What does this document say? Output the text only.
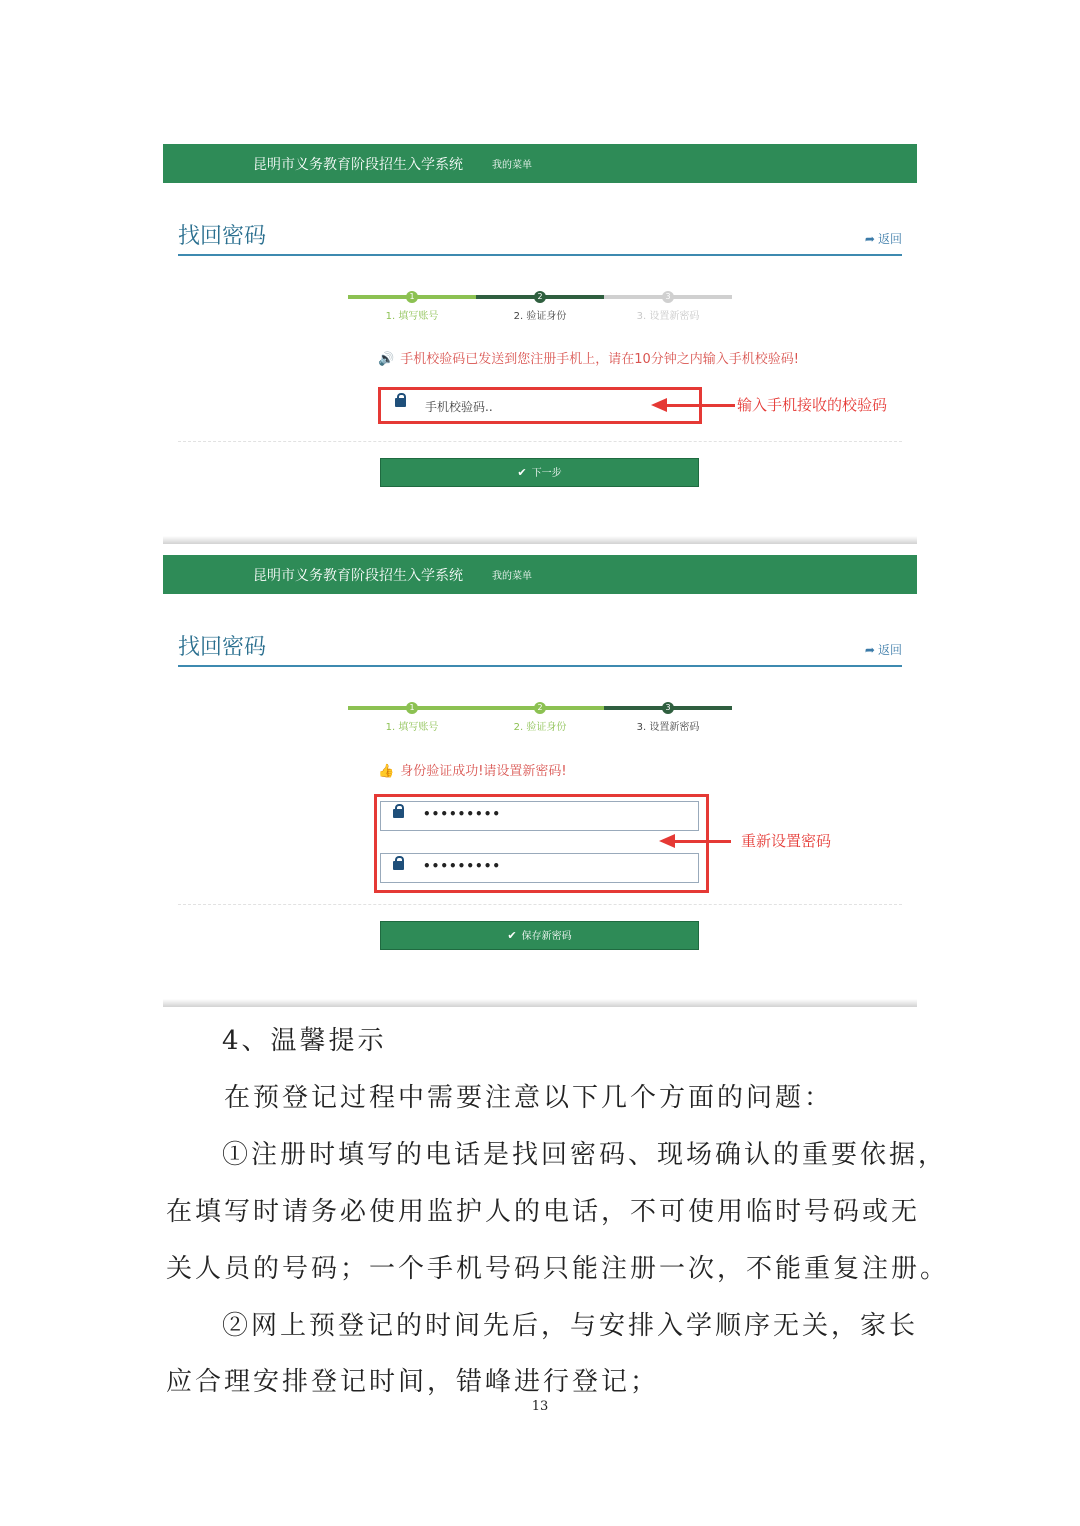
昆明市义务教育阶段招生入学系统	我的菜单
找回密码	➦ 返回
1	2	3
1. 填写账号	2. 验证身份	3. 设置新密码
🔊 手机校验码已发送到您注册手机上，请在10分钟之内输入手机校验码!
手机校验码..	输入手机接收的校验码
✔ 下一步
昆明市义务教育阶段招生入学系统	我的菜单
找回密码	➦ 返回
1	2	3
1. 填写账号	2. 验证身份	3. 设置新密码
👍 身份验证成功!请设置新密码!
•••••••••
•••••••••
重新设置密码
✔ 保存新密码
4、温馨提示
在预登记过程中需要注意以下几个方面的问题：
①注册时填写的电话是找回密码、现场确认的重要依据，
在填写时请务必使用监护人的电话，不可使用临时号码或无
关人员的号码；一个手机号码只能注册一次，不能重复注册。
②网上预登记的时间先后，与安排入学顺序无关，家长
应合理安排登记时间，错峰进行登记；
13
